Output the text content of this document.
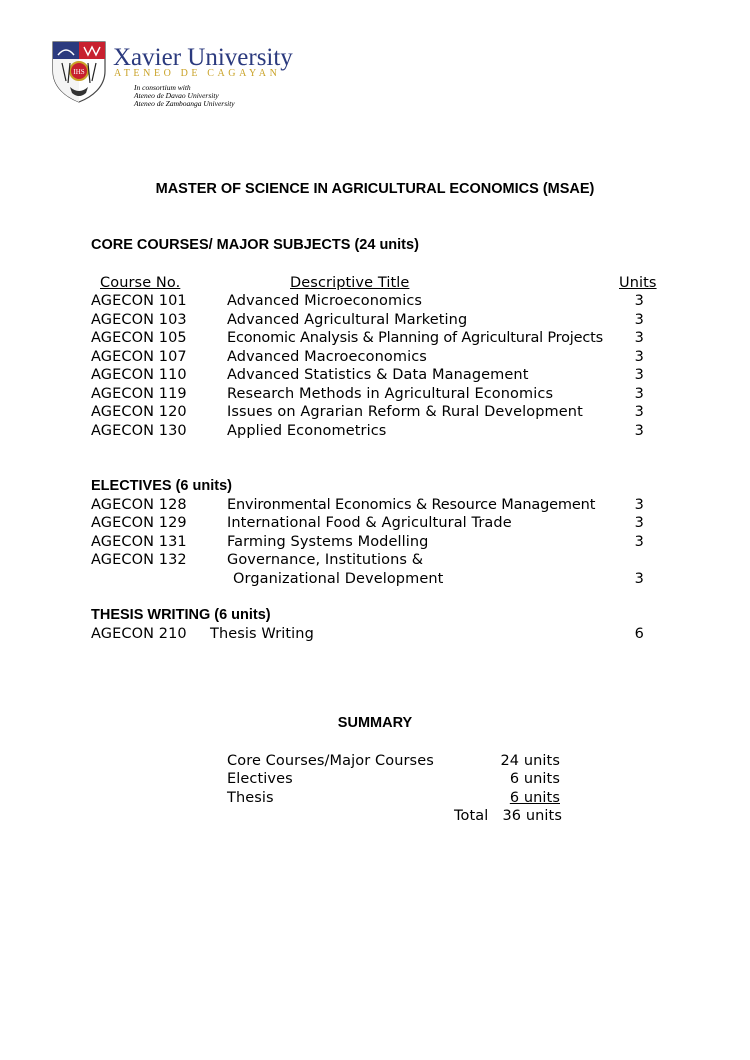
IHS
Xavier University
ATENEO DE CAGAYAN
In consortium with
Ateneo de Davao University
Ateneo de Zamboanga University
MASTER OF SCIENCE IN AGRICULTURAL ECONOMICS (MSAE)
CORE COURSES/ MAJOR SUBJECTS (24 units)
Course No.	Descriptive Title	Units
AGECON 101	Advanced Microeconomics	3
AGECON 103	Advanced Agricultural Marketing	3
AGECON 105	Economic Analysis & Planning of Agricultural Projects	3
AGECON 107	Advanced Macroeconomics	3
AGECON 110	Advanced Statistics & Data Management	3
AGECON 119	Research Methods in Agricultural Economics	3
AGECON 120	Issues on Agrarian Reform & Rural Development	3
AGECON 130	Applied Econometrics	3
ELECTIVES (6 units)
AGECON 128	Environmental Economics & Resource Management	3
AGECON 129	International Food & Agricultural Trade	3
AGECON 131	Farming Systems Modelling	3
AGECON 132	Governance, Institutions &
Organizational Development	3
THESIS WRITING (6 units)
AGECON 210 Thesis Writing	6
SUMMARY
Core Courses/Major Courses	24 units
Electives	6 units
Thesis	6 units
Total 36 units
